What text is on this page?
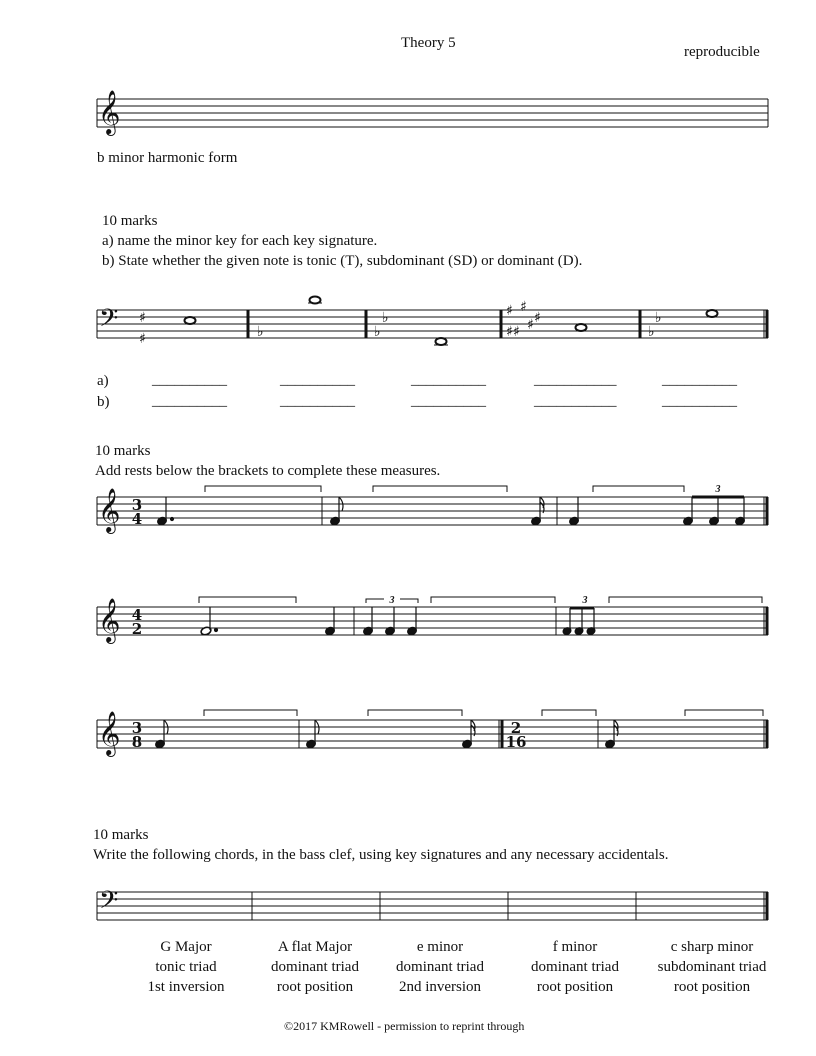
Theory 5
reproducible
3
3	3
𝄞
𝄢
𝄞
𝄞
𝄞
𝄢
♯
♯	♭	♭
♭	♯
♯
♯
♯
♯
♯
♭
♭
3
4
4
2
3
8
2
16
b minor harmonic form
10 marks
a) name the minor key for each key signature.
b) State whether the given note is tonic (T), subdominant (SD) or dominant (D).
a)
b)
__________	__________	__________	___________	__________
__________	__________	__________	___________	__________
10 marks
Add rests below the brackets to complete these measures.
10 marks
Write the following chords, in the bass clef, using key signatures and any necessary accidentals.
G Major
tonic triad
1st inversion
A flat Major
dominant triad
root position
e minor
dominant triad
2nd inversion
f minor
dominant triad
root position
c sharp minor
subdominant triad
root position
©2017 KMRowell - permission to reprint through
